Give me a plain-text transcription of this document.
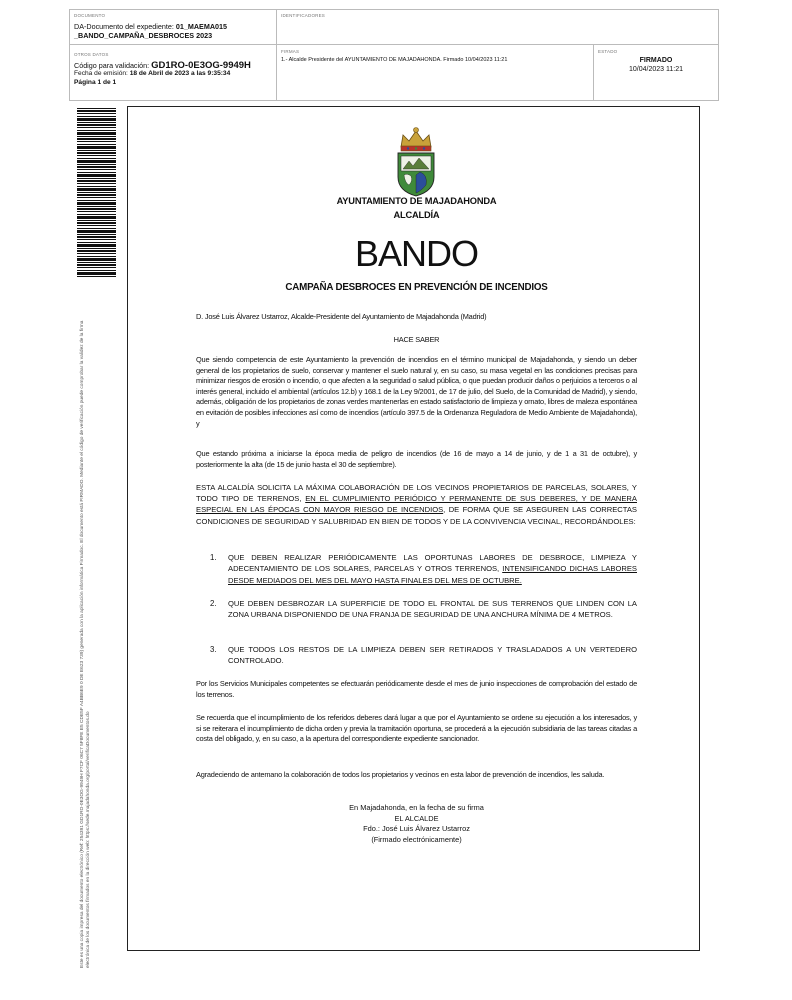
DOCUMENTO
DA-Documento del expediente: 01_MAEMA015
_BANDO_CAMPAÑA_DESBROCES 2023
IDENTIFICADORES
OTROS DATOS
Código para validación: GD1RO-0E3OG-9949H
Fecha de emisión: 18 de Abril de 2023 a las 9:35:34
Página 1 de 1
FIRMAS
1.- Alcalde Presidente del AYUNTAMIENTO DE MAJADAHONDA. Firmado 10/04/2023 11:21
ESTADO
FIRMADO
10/04/2023 11:21
Este es una copia impresa del documento electrónico (Ref: 254391 GD1RO-0E3OG-9949H F7CF 06C7 5F8FE E5 CDE5F A4BB6E9 0 DE E623 739) generada con la aplicación informática Firmadoc. El documento está FIRMADO. Mediante el código de verificación puede comprobar la validez de la firma electrónica de los documentos firmados en la dirección web: https://sede.majadahonda.org/portal/verificaDocumentos.do
AYUNTAMIENTO DE MAJADAHONDA
ALCALDÍA
BANDO
CAMPAÑA DESBROCES EN PREVENCIÓN DE INCENDIOS
D. José Luis Álvarez Ustarroz, Alcalde-Presidente del Ayuntamiento de Majadahonda (Madrid)
HACE SABER
Que siendo competencia de este Ayuntamiento la prevención de incendios en el término municipal de Majadahonda, y siendo un deber general de los propietarios de suelo, conservar y mantener el suelo natural y, en su caso, su masa vegetal en las condiciones precisas para minimizar riesgos de erosión o incendio, o que afecten a la seguridad o salud pública, o que puedan producir daños o perjuicios a terceros o al interés general, incluido el ambiental (artículos 12.b) y 168.1 de la Ley 9/2001, de 17 de julio, del Suelo, de la Comunidad de Madrid), y siendo, además, obligación de los propietarios de zonas verdes mantenerlas en estado satisfactorio de limpieza y ornato, libres de maleza espontánea en evitación de posibles infecciones así como de incendios (artículo 397.5 de la Ordenanza Reguladora de Medio Ambiente de Majadahonda), y
Que estando próxima a iniciarse la época media de peligro de incendios (de 16 de mayo a 14 de junio, y de 1 a 31 de octubre), y posteriormente la alta (de 15 de junio hasta el 30 de septiembre).
ESTA ALCALDÍA SOLICITA LA MÁXIMA COLABORACIÓN DE LOS VECINOS PROPIETARIOS DE PARCELAS, SOLARES, Y TODO TIPO DE TERRENOS, EN EL CUMPLIMIENTO PERIÓDICO Y PERMANENTE DE SUS DEBERES, Y DE MANERA ESPECIAL EN LAS ÉPOCAS CON MAYOR RIESGO DE INCENDIOS, DE FORMA QUE SE ASEGUREN LAS CORRECTAS CONDICIONES DE SEGURIDAD Y SALUBRIDAD EN BIEN DE TODOS Y DE LA CONVIVENCIA VECINAL, RECORDÁNDOLES:
1. QUE DEBEN REALIZAR PERIÓDICAMENTE LAS OPORTUNAS LABORES DE DESBROCE, LIMPIEZA Y ADECENTAMIENTO DE LOS SOLARES, PARCELAS Y OTROS TERRENOS, INTENSIFICANDO DICHAS LABORES DESDE MEDIADOS DEL MES DEL MAYO HASTA FINALES DEL MES DE OCTUBRE.
2. QUE DEBEN DESBROZAR LA SUPERFICIE DE TODO EL FRONTAL DE SUS TERRENOS QUE LINDEN CON LA ZONA URBANA DISPONIENDO DE UNA FRANJA DE SEGURIDAD DE UNA ANCHURA MÍNIMA DE 4 METROS.
3. QUE TODOS LOS RESTOS DE LA LIMPIEZA DEBEN SER RETIRADOS Y TRASLADADOS A UN VERTEDERO CONTROLADO.
Por los Servicios Municipales competentes se efectuarán periódicamente desde el mes de junio inspecciones de comprobación del estado de los terrenos.
Se recuerda que el incumplimiento de los referidos deberes dará lugar a que por el Ayuntamiento se ordene su ejecución a los interesados, y si se reiterara el incumplimiento de dicha orden y previa la tramitación oportuna, se procederá a la ejecución subsidiaria de las tareas citadas a costa del obligado, y, en su caso, a la apertura del correspondiente expediente sancionador.
Agradeciendo de antemano la colaboración de todos los propietarios y vecinos en esta labor de prevención de incendios, les saluda.
En Majadahonda, en la fecha de su firma
EL ALCALDE
Fdo.: José Luis Álvarez Ustarroz
(Firmado electrónicamente)
